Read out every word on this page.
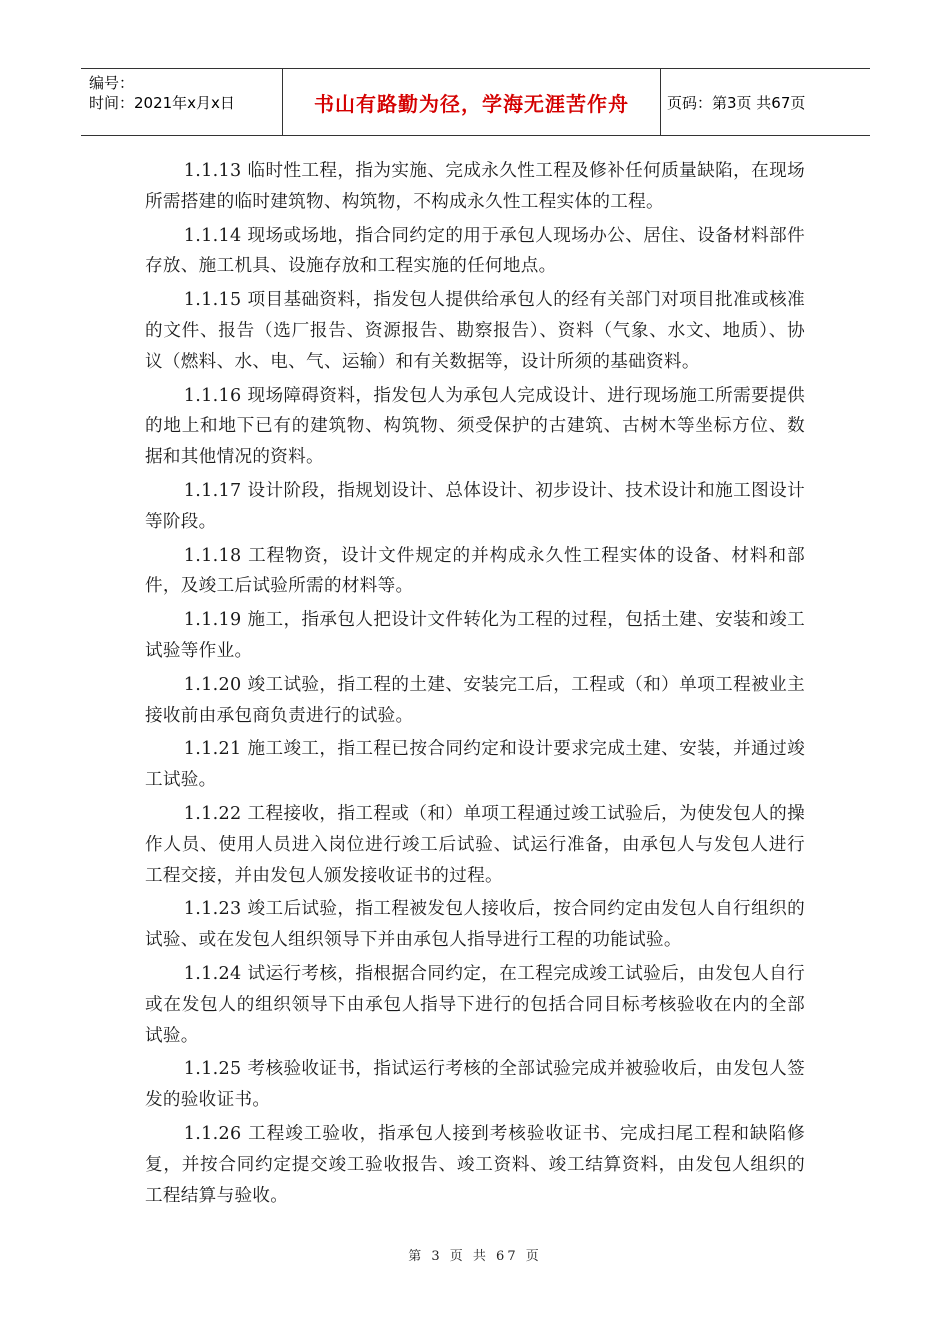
编号：
时间：2021年x月x日	书山有路勤为径，学海无涯苦作舟	页码：第3页 共67页

1.1.13 临时性工程，指为实施、完成永久性工程及修补任何质量缺陷，在现场所需搭建的临时建筑物、构筑物，不构成永久性工程实体的工程。

1.1.14 现场或场地，指合同约定的用于承包人现场办公、居住、设备材料部件存放、施工机具、设施存放和工程实施的任何地点。

1.1.15 项目基础资料，指发包人提供给承包人的经有关部门对项目批准或核准的文件、报告（选厂报告、资源报告、勘察报告）、资料（气象、水文、地质）、协议（燃料、水、电、气、运输）和有关数据等，设计所须的基础资料。

1.1.16 现场障碍资料，指发包人为承包人完成设计、进行现场施工所需要提供的地上和地下已有的建筑物、构筑物、须受保护的古建筑、古树木等坐标方位、数据和其他情况的资料。

1.1.17 设计阶段，指规划设计、总体设计、初步设计、技术设计和施工图设计等阶段。

1.1.18 工程物资，设计文件规定的并构成永久性工程实体的设备、材料和部件，及竣工后试验所需的材料等。

1.1.19 施工，指承包人把设计文件转化为工程的过程，包括土建、安装和竣工试验等作业。

1.1.20 竣工试验，指工程的土建、安装完工后，工程或（和）单项工程被业主接收前由承包商负责进行的试验。

1.1.21 施工竣工，指工程已按合同约定和设计要求完成土建、安装，并通过竣工试验。

1.1.22 工程接收，指工程或（和）单项工程通过竣工试验后，为使发包人的操作人员、使用人员进入岗位进行竣工后试验、试运行准备，由承包人与发包人进行工程交接，并由发包人颁发接收证书的过程。

1.1.23 竣工后试验，指工程被发包人接收后，按合同约定由发包人自行组织的试验、或在发包人组织领导下并由承包人指导进行工程的功能试验。

1.1.24 试运行考核，指根据合同约定，在工程完成竣工试验后，由发包人自行或在发包人的组织领导下由承包人指导下进行的包括合同目标考核验收在内的全部试验。

1.1.25 考核验收证书，指试运行考核的全部试验完成并被验收后，由发包人签发的验收证书。

1.1.26 工程竣工验收，指承包人接到考核验收证书、完成扫尾工程和缺陷修复，并按合同约定提交竣工验收报告、竣工资料、竣工结算资料，由发包人组织的工程结算与验收。

第 3 页 共 67 页
